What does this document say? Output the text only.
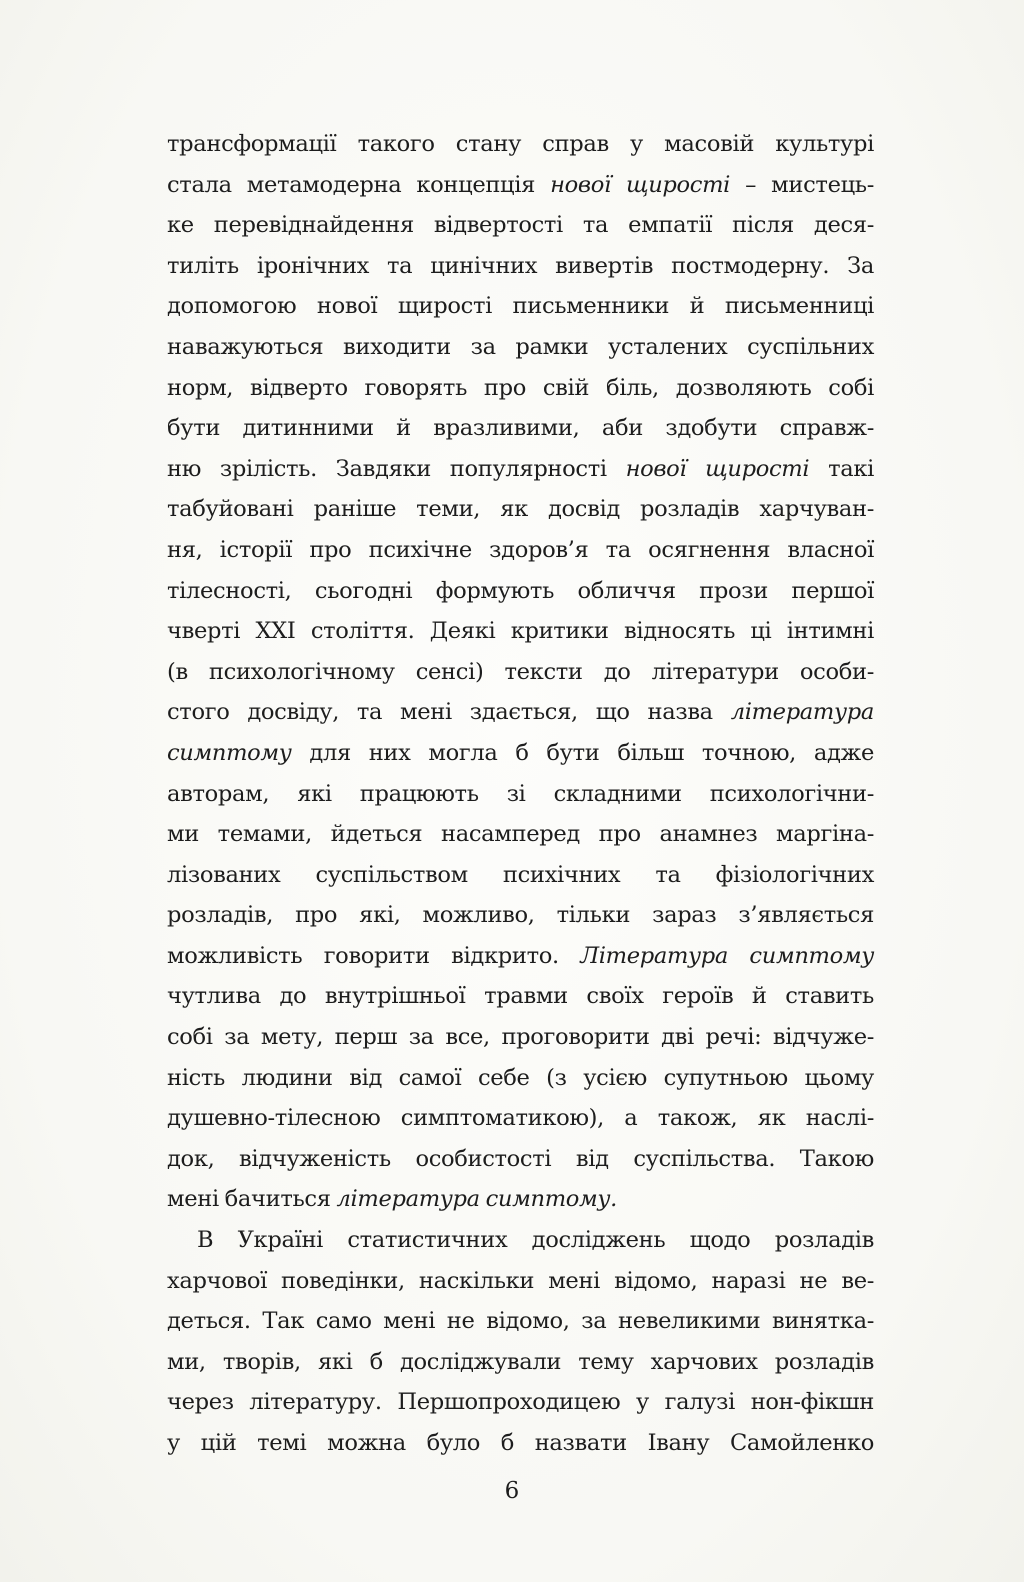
трансформації такого стану справ у масовій культурі
стала метамодерна концепція нової щирості – мистець-
ке перевіднайдення відвертості та емпатії після деся-
тиліть іронічних та цинічних вивертів постмодерну. За
допомогою нової щирості письменники й письменниці
наважуються виходити за рамки усталених суспільних
норм, відверто говорять про свій біль, дозволяють собі
бути дитинними й вразливими, аби здобути справж-
ню зрілість. Завдяки популярності нової щирості такі
табуйовані раніше теми, як досвід розладів харчуван-
ня, історії про психічне здоров’я та осягнення власної
тілесності, сьогодні формують обличчя прози першої
чверті XXI століття. Деякі критики відносять ці інтимні
(в психологічному сенсі) тексти до літератури особи-
стого досвіду, та мені здається, що назва література
симптому для них могла б бути більш точною, адже
авторам, які працюють зі складними психологічни-
ми темами, йдеться насамперед про анамнез маргіна-
лізованих суспільством психічних та фізіологічних
розладів, про які, можливо, тільки зараз з’являється
можливість говорити відкрито. Література симптому
чутлива до внутрішньої травми своїх героїв й ставить
собі за мету, перш за все, проговорити дві речі: відчуже-
ність людини від самої себе (з усією супутньою цьому
душевно-тілесною симптоматикою), а також, як наслі-
док, відчуженість особистості від суспільства. Такою
мені бачиться література симптому.
В Україні статистичних досліджень щодо розладів
харчової поведінки, наскільки мені відомо, наразі не ве-
деться. Так само мені не відомо, за невеликими винятка-
ми, творів, які б досліджували тему харчових розладів
через літературу. Першопроходицею у галузі нон-фікшн
у цій темі можна було б назвати Івану Самойленко
6
